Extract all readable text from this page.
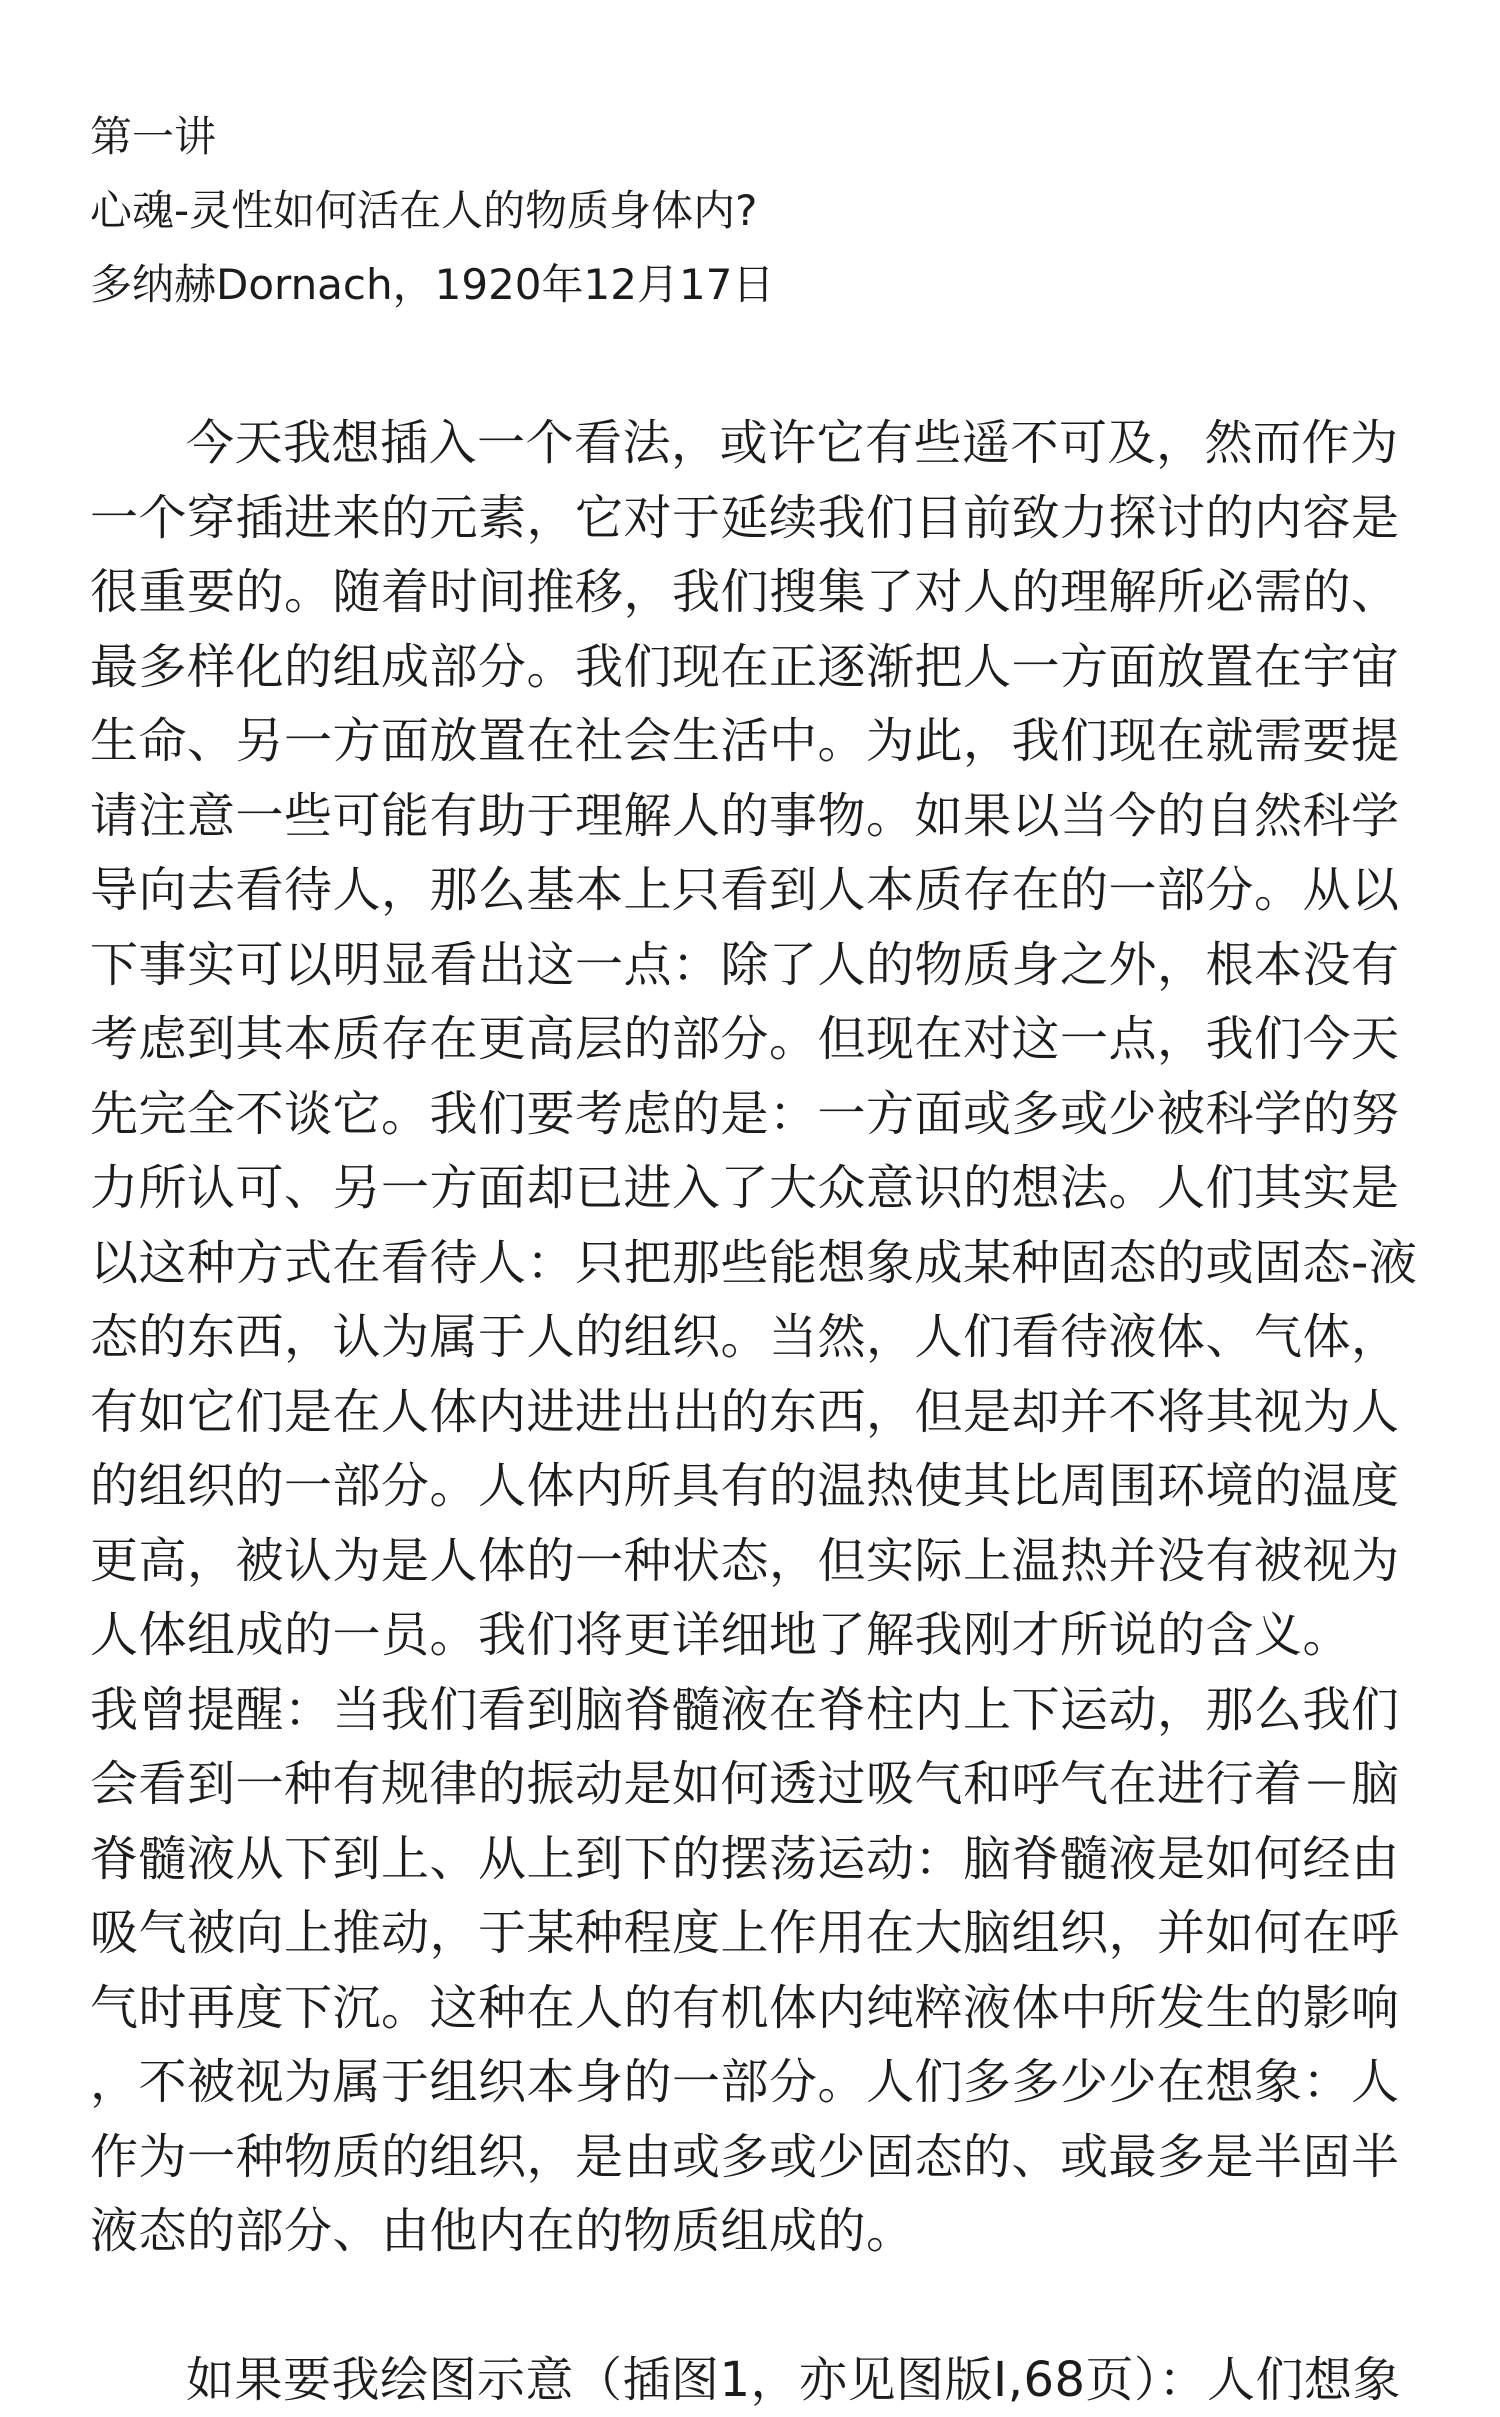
第一讲
心魂-灵性如何活在人的物质身体内?
多纳赫Dornach，1920年12月17日

今天我想插入一个看法，或许它有些遥不可及，然而作为
一个穿插进来的元素，它对于延续我们目前致力探讨的内容是
很重要的。随着时间推移，我们搜集了对人的理解所必需的、
最多样化的组成部分。我们现在正逐渐把人一方面放置在宇宙
生命、另一方面放置在社会生活中。为此，我们现在就需要提
请注意一些可能有助于理解人的事物。如果以当今的自然科学
导向去看待人，那么基本上只看到人本质存在的一部分。从以
下事实可以明显看出这一点：除了人的物质身之外，根本没有
考虑到其本质存在更高层的部分。但现在对这一点，我们今天
先完全不谈它。我们要考虑的是：一方面或多或少被科学的努
力所认可、另一方面却已进入了大众意识的想法。人们其实是
以这种方式在看待人：只把那些能想象成某种固态的或固态-液
态的东西，认为属于人的组织。当然，人们看待液体、气体，
有如它们是在人体内进进出出的东西，但是却并不将其视为人
的组织的一部分。人体内所具有的温热使其比周围环境的温度
更高，被认为是人体的一种状态，但实际上温热并没有被视为
人体组成的一员。我们将更详细地了解我刚才所说的含义。
我曾提醒：当我们看到脑脊髓液在脊柱内上下运动，那么我们
会看到一种有规律的振动是如何透过吸气和呼气在进行着－脑
脊髓液从下到上、从上到下的摆荡运动：脑脊髓液是如何经由
吸气被向上推动，于某种程度上作用在大脑组织，并如何在呼
气时再度下沉。这种在人的有机体内纯粹液体中所发生的影响
，不被视为属于组织本身的一部分。人们多多少少在想象：人
作为一种物质的组织，是由或多或少固态的、或最多是半固半
液态的部分、由他内在的物质组成的。

如果要我绘图示意（插图1，亦见图版I,68页）：人们想象
